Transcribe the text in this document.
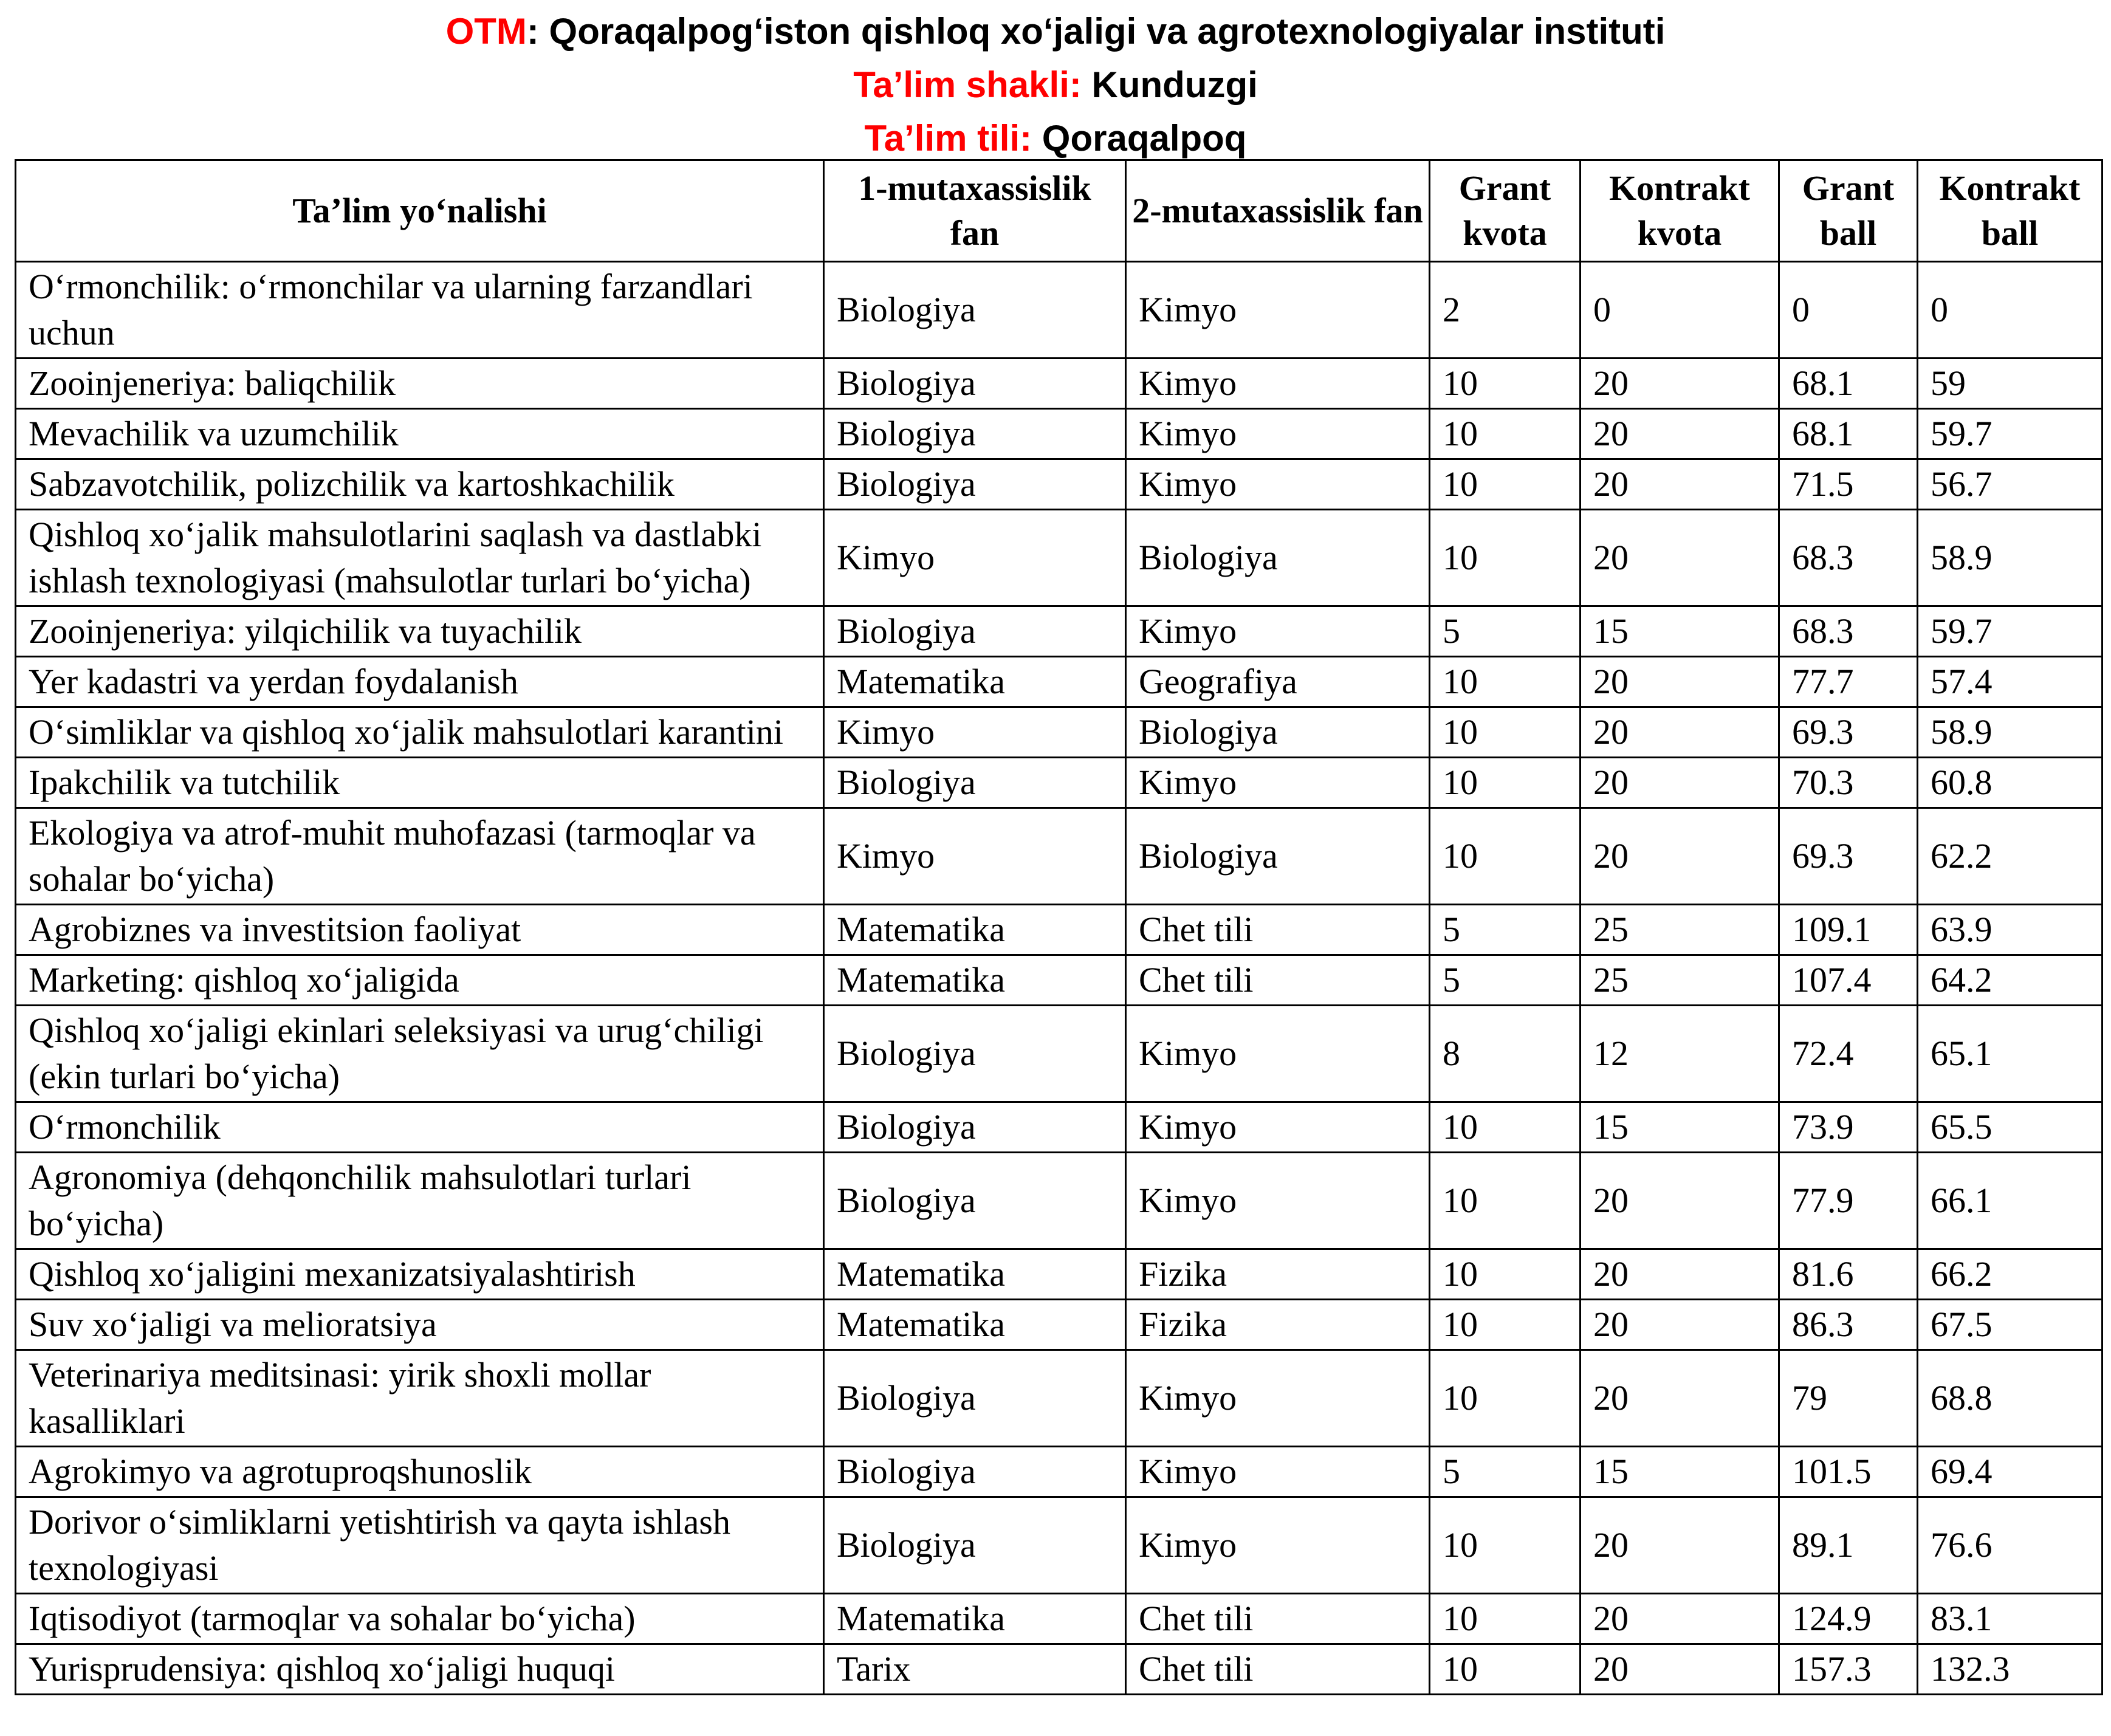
OTM: Qoraqalpog‘iston qishloq xo‘jaligi va agrotexnologiyalar instituti
Ta’lim shakli: Kunduzgi
Ta’lim tili: Qoraqalpoq
Ta’lim yo‘nalishi	1-mutaxassislik fan	2-mutaxassislik fan	Grant kvota	Kontrakt kvota	Grant ball	Kontrakt ball
O‘rmonchilik: o‘rmonchilar va ularning farzandlari uchun	Biologiya	Kimyo	2	0	0	0
Zooinjeneriya: baliqchilik	Biologiya	Kimyo	10	20	68.1	59
Mevachilik va uzumchilik	Biologiya	Kimyo	10	20	68.1	59.7
Sabzavotchilik, polizchilik va kartoshkachilik	Biologiya	Kimyo	10	20	71.5	56.7
Qishloq xo‘jalik mahsulotlarini saqlash va dastlabki ishlash texnologiyasi (mahsulotlar turlari bo‘yicha)	Kimyo	Biologiya	10	20	68.3	58.9
Zooinjeneriya: yilqichilik va tuyachilik	Biologiya	Kimyo	5	15	68.3	59.7
Yer kadastri va yerdan foydalanish	Matematika	Geografiya	10	20	77.7	57.4
O‘simliklar va qishloq xo‘jalik mahsulotlari karantini	Kimyo	Biologiya	10	20	69.3	58.9
Ipakchilik va tutchilik	Biologiya	Kimyo	10	20	70.3	60.8
Ekologiya va atrof-muhit muhofazasi (tarmoqlar va sohalar bo‘yicha)	Kimyo	Biologiya	10	20	69.3	62.2
Agrobiznes va investitsion faoliyat	Matematika	Chet tili	5	25	109.1	63.9
Marketing: qishloq xo‘jaligida	Matematika	Chet tili	5	25	107.4	64.2
Qishloq xo‘jaligi ekinlari seleksiyasi va urug‘chiligi (ekin turlari bo‘yicha)	Biologiya	Kimyo	8	12	72.4	65.1
O‘rmonchilik	Biologiya	Kimyo	10	15	73.9	65.5
Agronomiya (dehqonchilik mahsulotlari turlari bo‘yicha)	Biologiya	Kimyo	10	20	77.9	66.1
Qishloq xo‘jaligini mexanizatsiyalashtirish	Matematika	Fizika	10	20	81.6	66.2
Suv xo‘jaligi va melioratsiya	Matematika	Fizika	10	20	86.3	67.5
Veterinariya meditsinasi: yirik shoxli mollar kasalliklari	Biologiya	Kimyo	10	20	79	68.8
Agrokimyo va agrotuproqshunoslik	Biologiya	Kimyo	5	15	101.5	69.4
Dorivor o‘simliklarni yetishtirish va qayta ishlash texnologiyasi	Biologiya	Kimyo	10	20	89.1	76.6
Iqtisodiyot (tarmoqlar va sohalar bo‘yicha)	Matematika	Chet tili	10	20	124.9	83.1
Yurisprudensiya: qishloq xo‘jaligi huquqi	Tarix	Chet tili	10	20	157.3	132.3
